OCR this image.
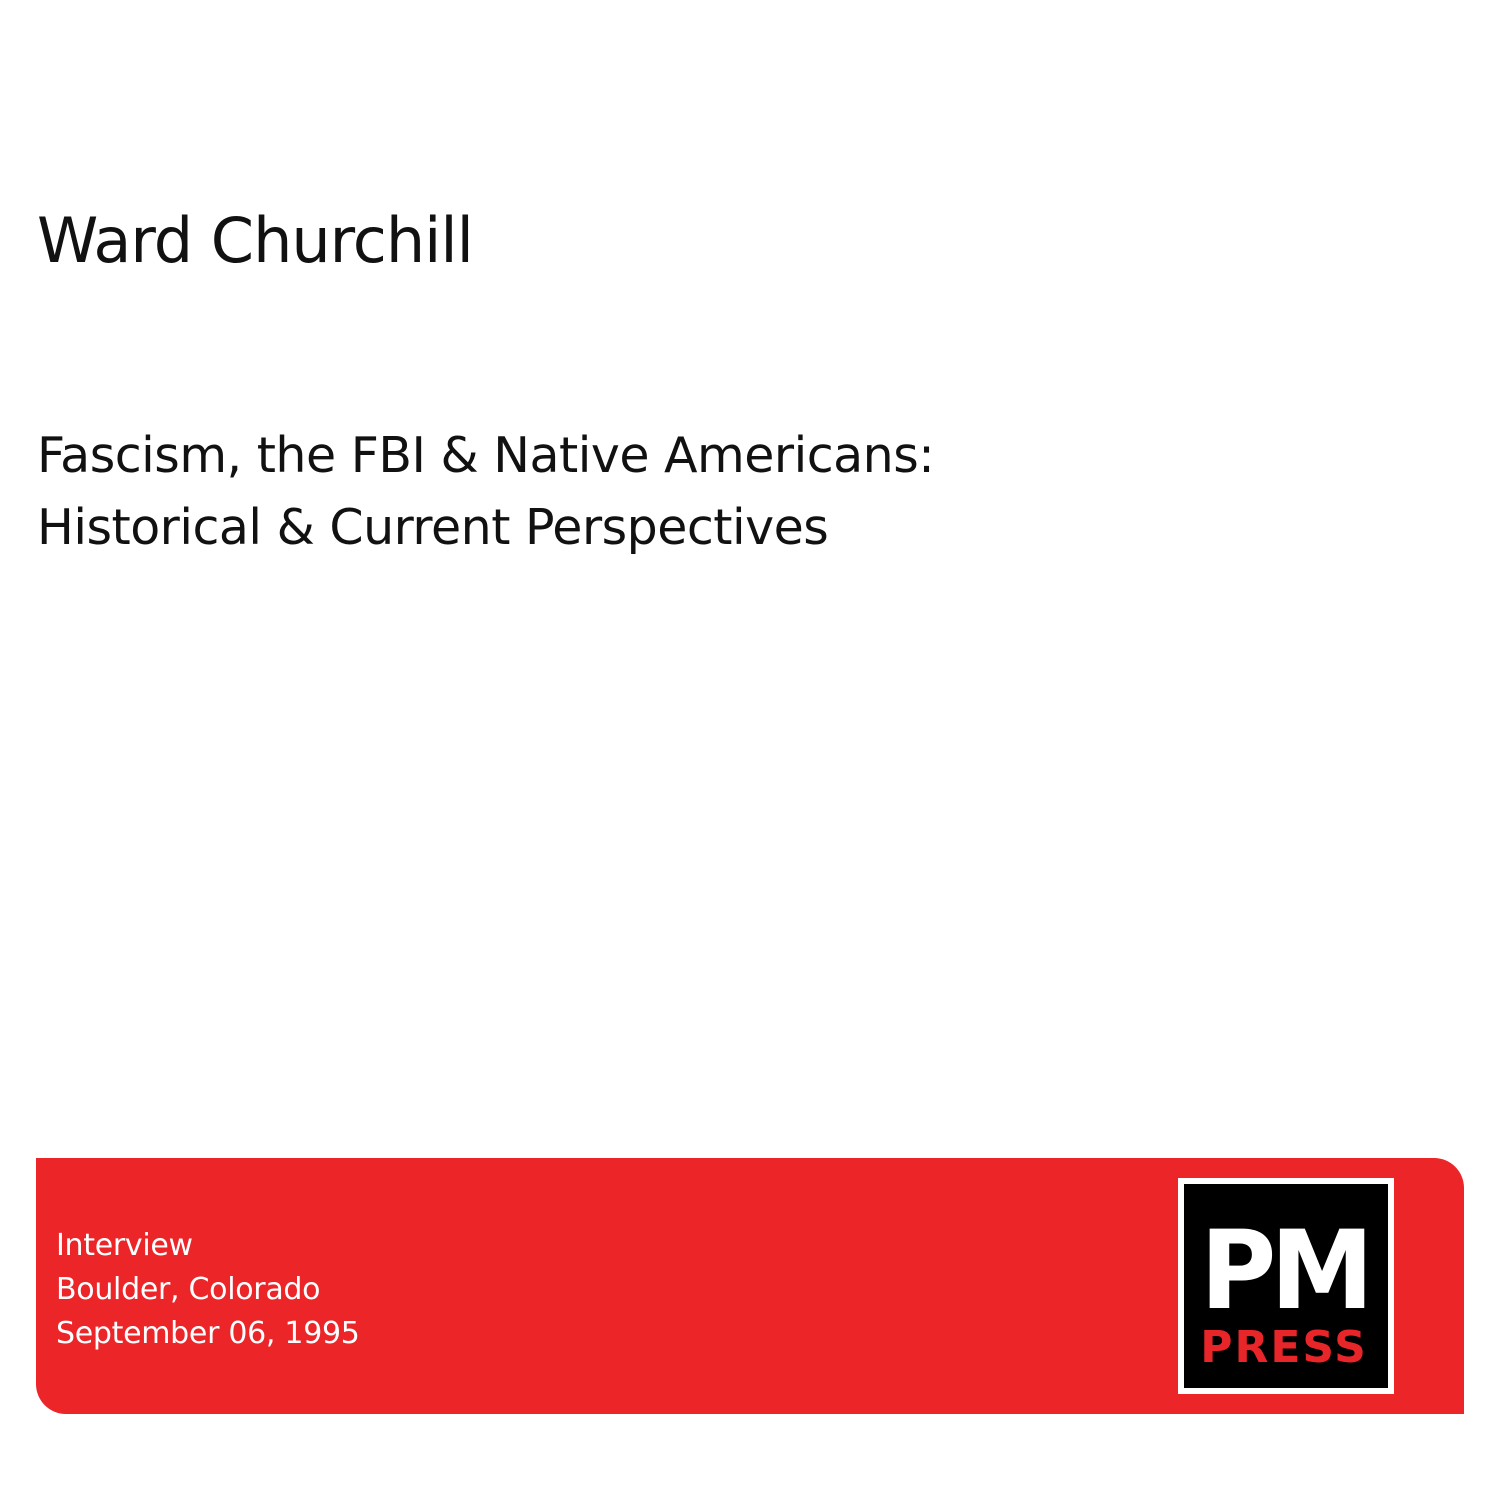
Ward Churchill
Fascism, the FBI & Native Americans:
Historical & Current Perspectives
Interview
Boulder, Colorado
September 06, 1995	PM
PRESS
